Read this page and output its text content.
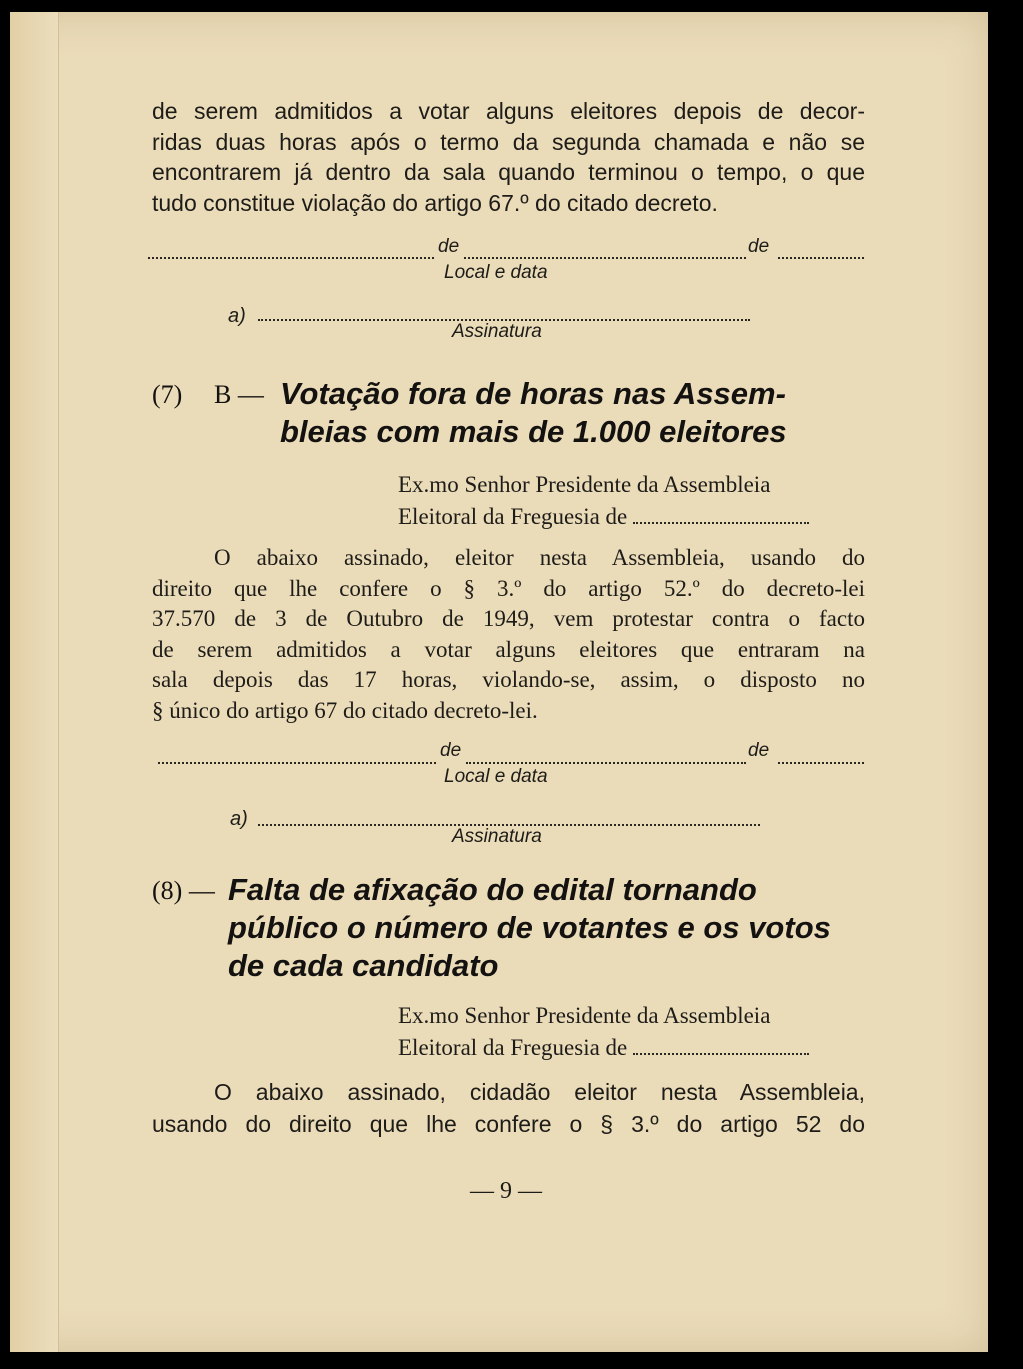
de serem admitidos a votar alguns eleitores depois de decor-
ridas duas horas após o termo da segunda chamada e não se
encontrarem já dentro da sala quando terminou o tempo, o que
tudo constitue violação do artigo 67.º do citado decreto.
de	de
Local e data
a)
Assinatura
(7) B — Votação fora de horas nas Assem-
bleias com mais de 1.000 eleitores
Ex.mo Senhor Presidente da Assembleia
Eleitoral da Freguesia de
O abaixo assinado, eleitor nesta Assembleia, usando do
direito que lhe confere o § 3.º do artigo 52.º do decreto-lei
37.570 de 3 de Outubro de 1949, vem protestar contra o facto
de serem admitidos a votar alguns eleitores que entraram na
sala depois das 17 horas, violando-se, assim, o disposto no
§ único do artigo 67 do citado decreto-lei.
de	de
Local e data
a)
Assinatura
(8) — Falta de afixação do edital tornando
público o número de votantes e os votos
de cada candidato
Ex.mo Senhor Presidente da Assembleia
Eleitoral da Freguesia de
O abaixo assinado, cidadão eleitor nesta Assembleia,
usando do direito que lhe confere o § 3.º do artigo 52 do
— 9 —
